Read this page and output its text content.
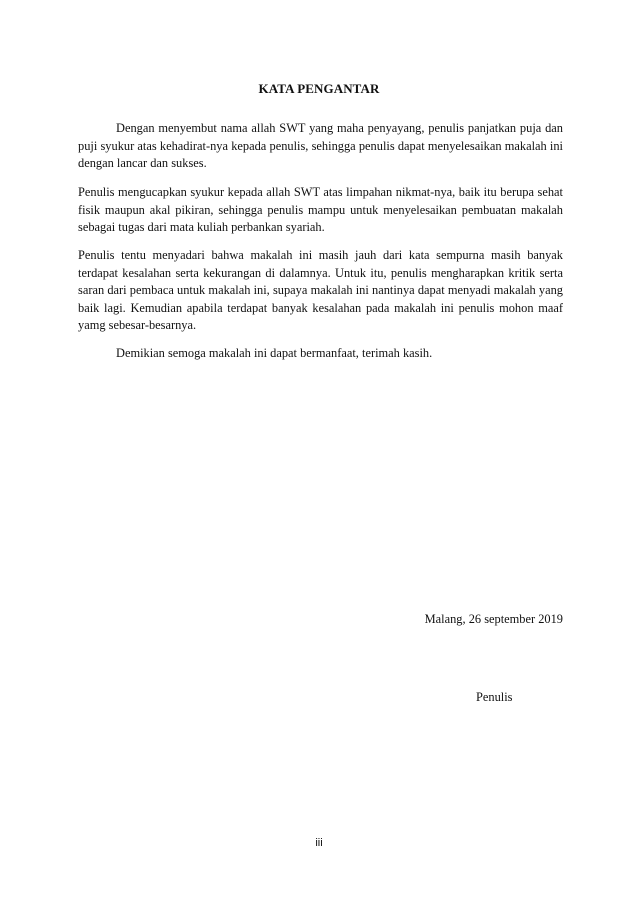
KATA PENGANTAR
Dengan menyembut nama allah SWT yang maha penyayang, penulis panjatkan puja dan puji syukur atas kehadirat-nya kepada penulis, sehingga penulis dapat menyelesaikan makalah ini dengan lancar dan sukses.
Penulis mengucapkan syukur kepada allah SWT atas limpahan nikmat-nya, baik itu berupa sehat fisik maupun akal pikiran, sehingga penulis mampu untuk menyelesaikan pembuatan makalah sebagai tugas dari mata kuliah perbankan syariah.
Penulis tentu menyadari bahwa makalah ini masih jauh dari kata sempurna masih banyak terdapat kesalahan serta kekurangan di dalamnya. Untuk itu, penulis mengharapkan kritik serta saran dari pembaca untuk makalah ini, supaya makalah ini nantinya dapat menyadi makalah yang baik lagi. Kemudian apabila terdapat banyak kesalahan pada makalah ini penulis mohon maaf yamg sebesar-besarnya.
Demikian semoga makalah ini dapat bermanfaat, terimah kasih.
Malang, 26 september 2019
Penulis
iii
